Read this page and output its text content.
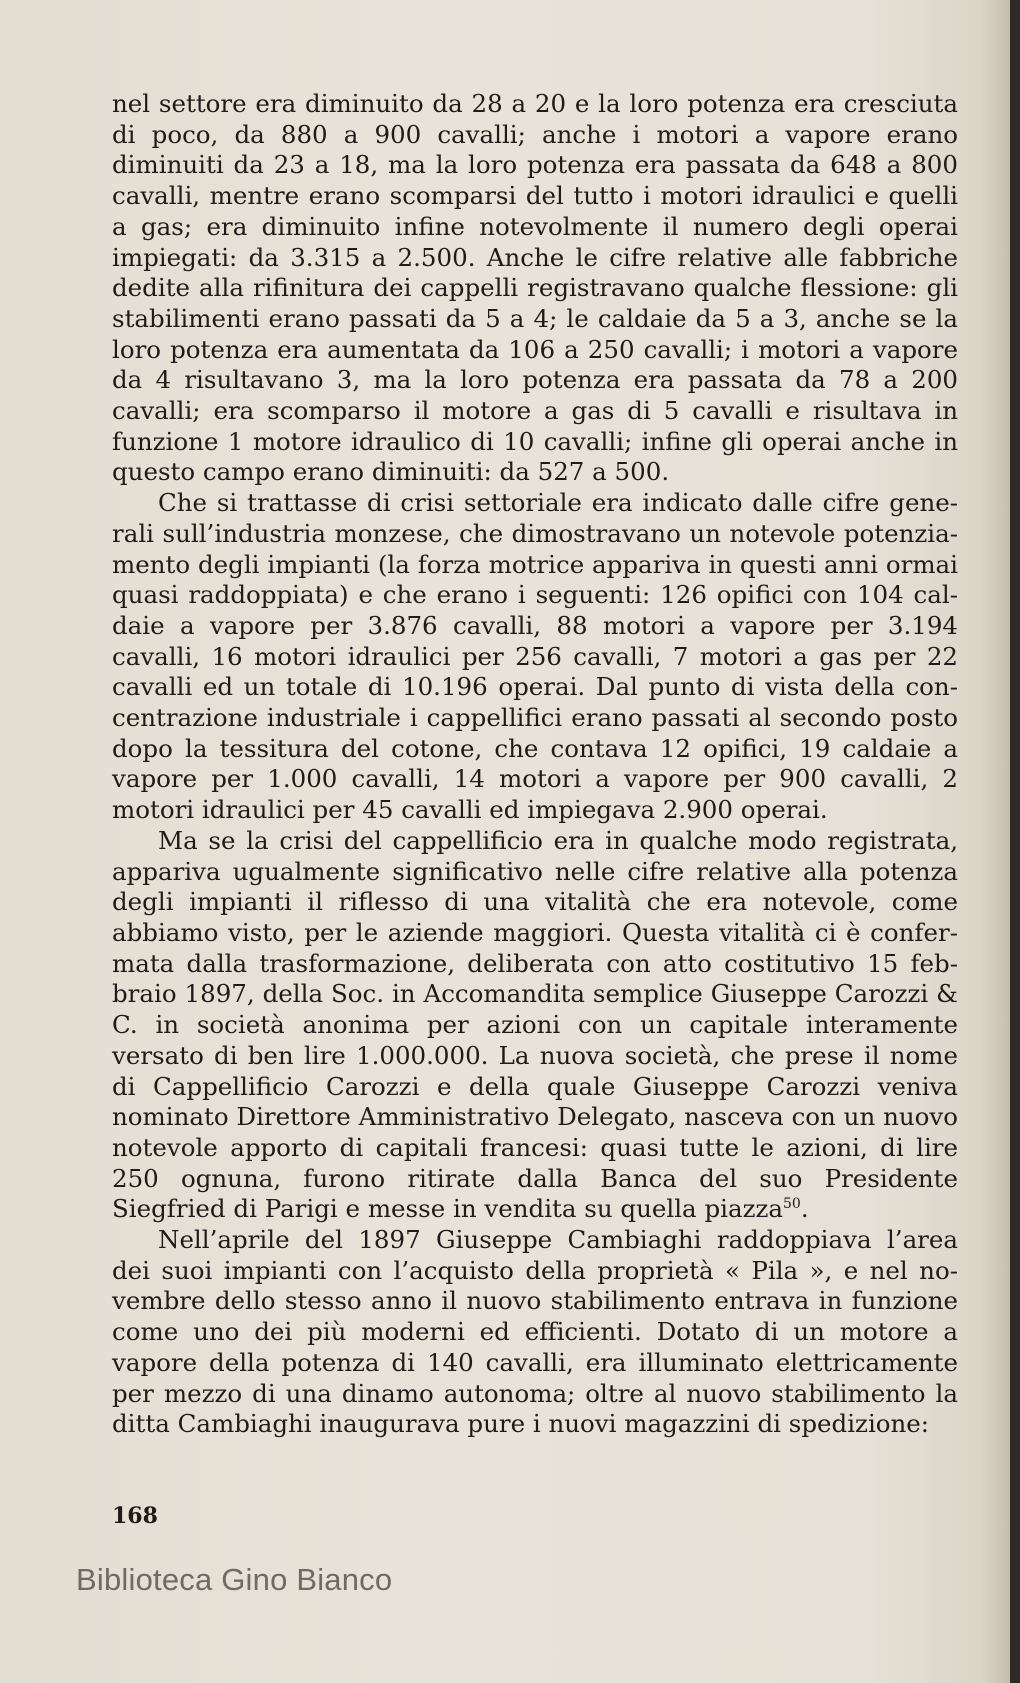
nel settore era diminuito da 28 a 20 e la loro potenza era cresciuta di poco, da 880 a 900 cavalli; anche i motori a vapore erano diminuiti da 23 a 18, ma la loro potenza era passata da 648 a 800 cavalli, mentre erano scomparsi del tutto i motori idraulici e quelli a gas; era diminuito infine notevolmente il numero degli operai impiegati: da 3.315 a 2.500. Anche le cifre relative alle fabbriche dedite alla rifinitura dei cappelli registravano qualche flessione: gli stabilimenti erano passati da 5 a 4; le caldaie da 5 a 3, anche se la loro potenza era aumentata da 106 a 250 cavalli; i motori a vapore da 4 risultavano 3, ma la loro potenza era passata da 78 a 200 cavalli; era scomparso il motore a gas di 5 cavalli e risultava in funzione 1 motore idraulico di 10 cavalli; infine gli operai anche in questo campo erano diminuiti: da 527 a 500.

Che si trattasse di crisi settoriale era indicato dalle cifre generali sull’industria monzese, che dimostravano un notevole potenziamento degli impianti (la forza motrice appariva in questi anni ormai quasi raddoppiata) e che erano i seguenti: 126 opifici con 104 caldaie a vapore per 3.876 cavalli, 88 motori a vapore per 3.194 cavalli, 16 motori idraulici per 256 cavalli, 7 motori a gas per 22 cavalli ed un totale di 10.196 operai. Dal punto di vista della concentrazione industriale i cappellifici erano passati al secondo posto dopo la tessitura del cotone, che contava 12 opifici, 19 caldaie a vapore per 1.000 cavalli, 14 motori a vapore per 900 cavalli, 2 motori idraulici per 45 cavalli ed impiegava 2.900 operai.

Ma se la crisi del cappellificio era in qualche modo registrata, appariva ugualmente significativo nelle cifre relative alla potenza degli impianti il riflesso di una vitalità che era notevole, come abbiamo visto, per le aziende maggiori. Questa vitalità ci è confermata dalla trasformazione, deliberata con atto costitutivo 15 febbraio 1897, della Soc. in Accomandita semplice Giuseppe Carozzi & C. in società anonima per azioni con un capitale interamente versato di ben lire 1.000.000. La nuova società, che prese il nome di Cappellificio Carozzi e della quale Giuseppe Carozzi veniva nominato Direttore Amministrativo Delegato, nasceva con un nuovo notevole apporto di capitali francesi: quasi tutte le azioni, di lire 250 ognuna, furono ritirate dalla Banca del suo Presidente Siegfried di Parigi e messe in vendita su quella piazza$^{50}$.

Nell’aprile del 1897 Giuseppe Cambiaghi raddoppiava l’area dei suoi impianti con l’acquisto della proprietà « Pila », e nel novembre dello stesso anno il nuovo stabilimento entrava in funzione come uno dei più moderni ed efficienti. Dotato di un motore a vapore della potenza di 140 cavalli, era illuminato elettricamente per mezzo di una dinamo autonoma; oltre al nuovo stabilimento la ditta Cambiaghi inaugurava pure i nuovi magazzini di spedizione:

168
Biblioteca Gino Bianco
